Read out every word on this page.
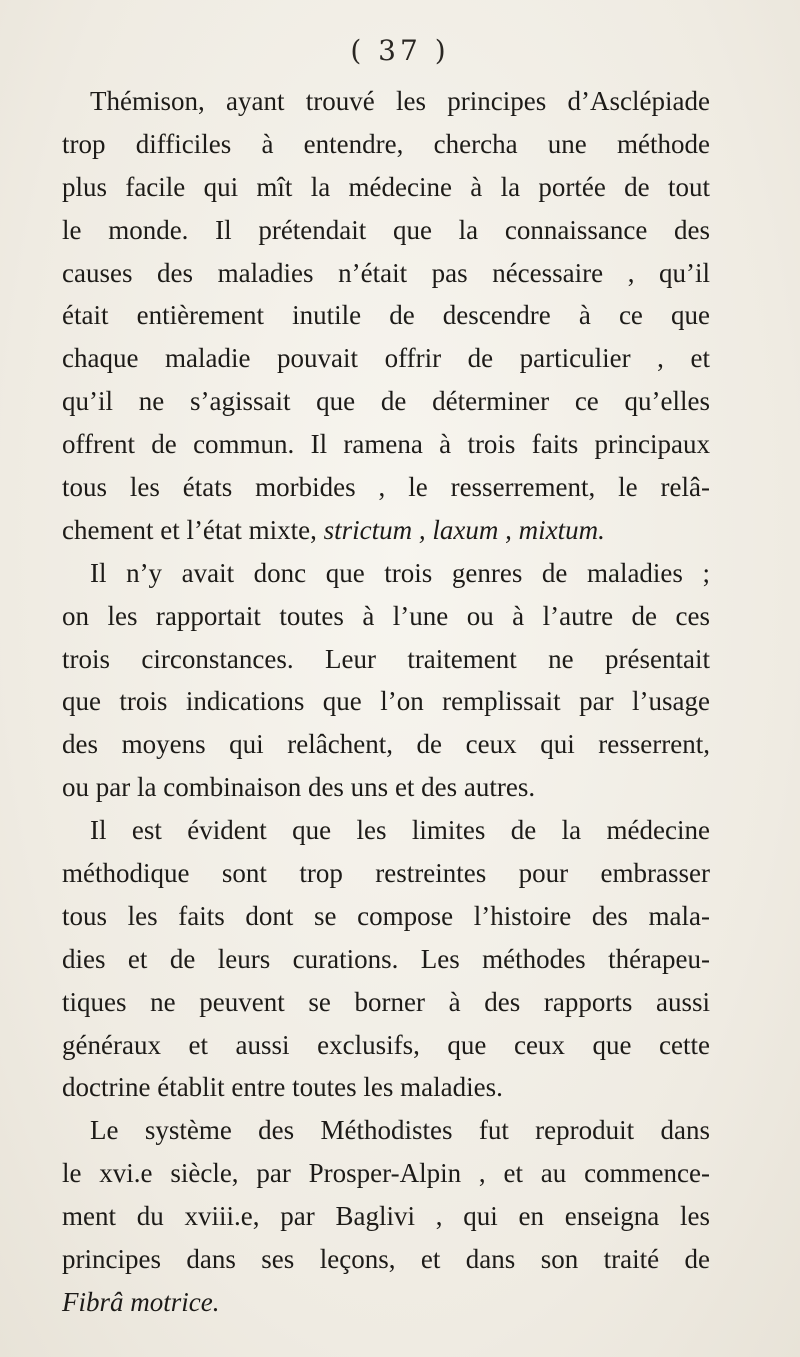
( 37 )
Thémison, ayant trouvé les principes d’Asclépiade
trop difficiles à entendre, chercha une méthode
plus facile qui mît la médecine à la portée de tout
le monde. Il prétendait que la connaissance des
causes des maladies n’était pas nécessaire , qu’il
était entièrement inutile de descendre à ce que
chaque maladie pouvait offrir de particulier , et
qu’il ne s’agissait que de déterminer ce qu’elles
offrent de commun. Il ramena à trois faits principaux
tous les états morbides , le resserrement, le relâ-
chement et l’état mixte, strictum , laxum , mixtum.
Il n’y avait donc que trois genres de maladies ;
on les rapportait toutes à l’une ou à l’autre de ces
trois circonstances. Leur traitement ne présentait
que trois indications que l’on remplissait par l’usage
des moyens qui relâchent, de ceux qui resserrent,
ou par la combinaison des uns et des autres.
Il est évident que les limites de la médecine
méthodique sont trop restreintes pour embrasser
tous les faits dont se compose l’histoire des mala-
dies et de leurs curations. Les méthodes thérapeu-
tiques ne peuvent se borner à des rapports aussi
généraux et aussi exclusifs, que ceux que cette
doctrine établit entre toutes les maladies.
Le système des Méthodistes fut reproduit dans
le xvi.e siècle, par Prosper-Alpin , et au commence-
ment du xviii.e, par Baglivi , qui en enseigna les
principes dans ses leçons, et dans son traité de
Fibrâ motrice.
